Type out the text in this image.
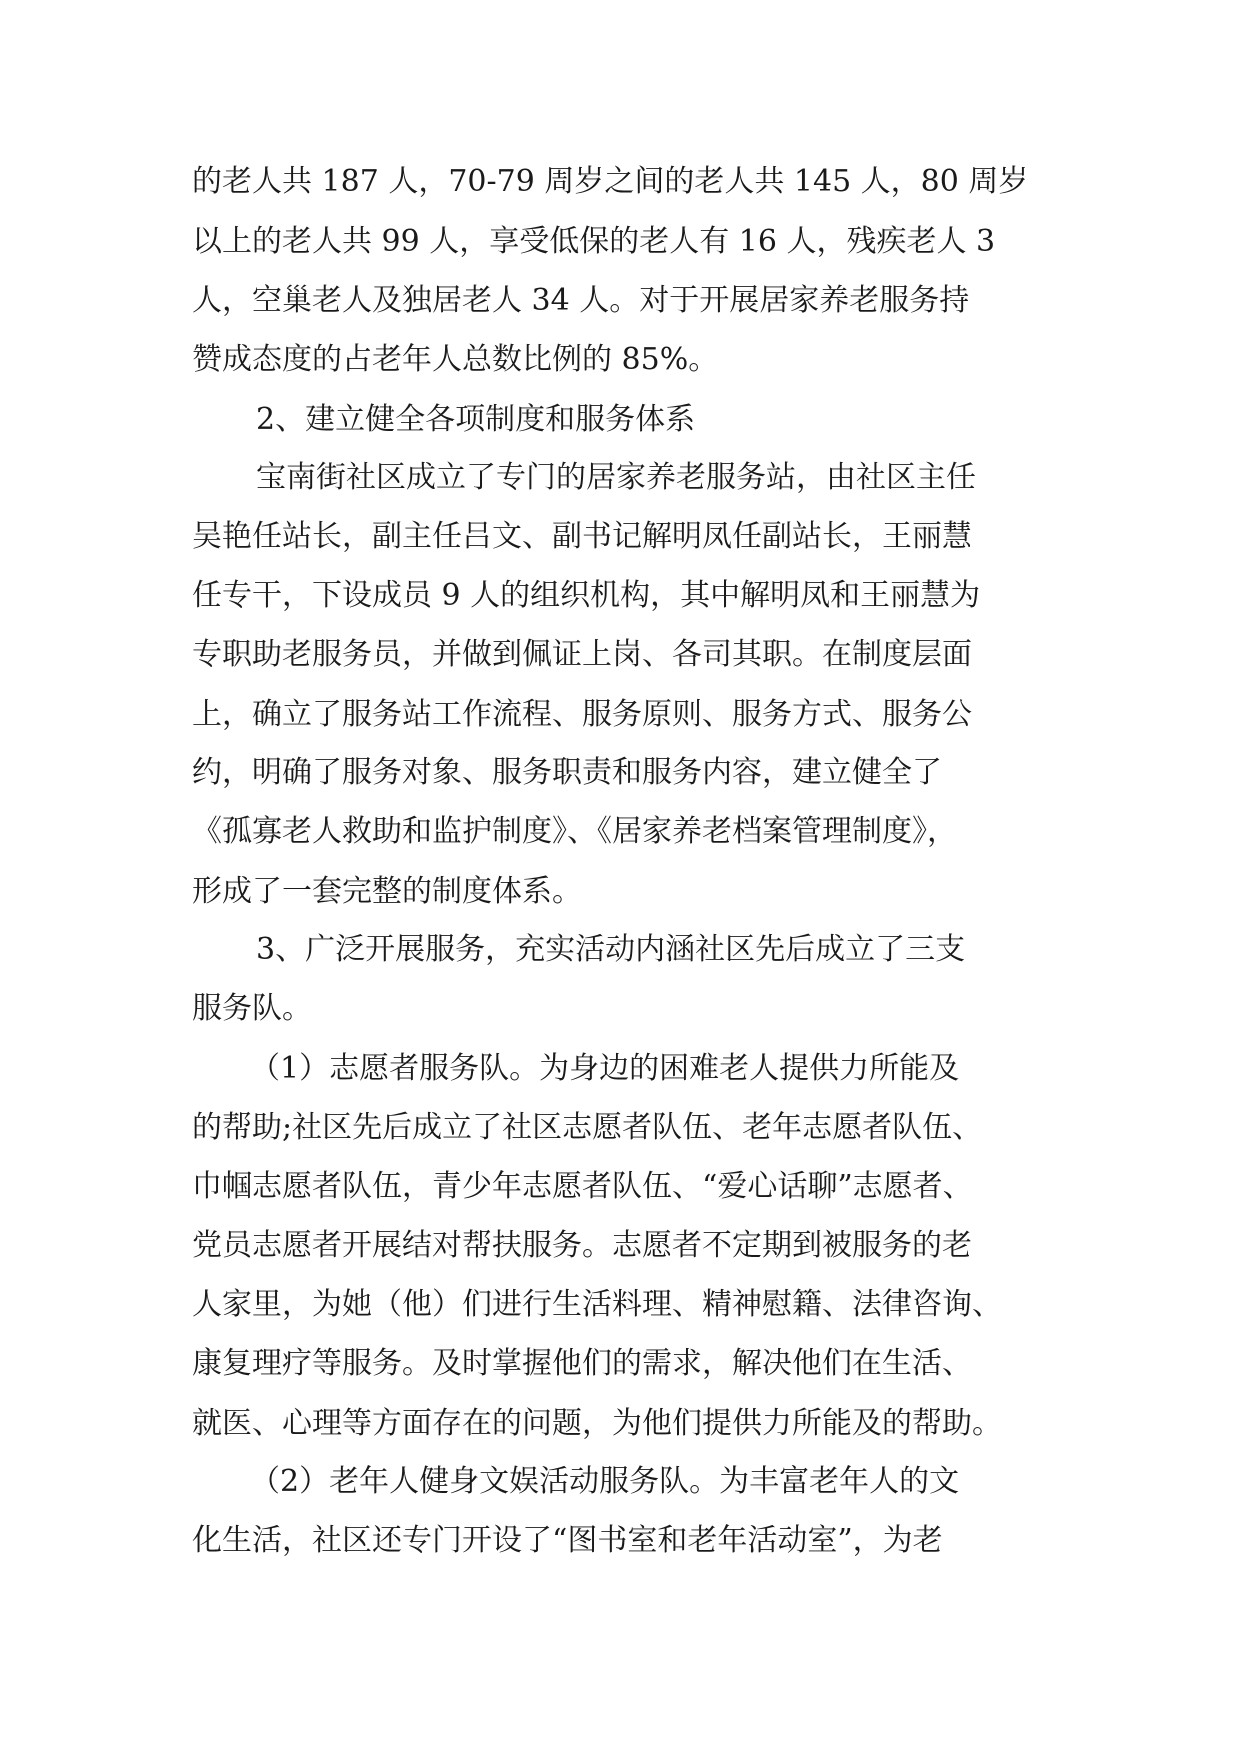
的老人共 187 人，70-79 周岁之间的老人共 145 人，80 周岁
以上的老人共 99 人，享受低保的老人有 16 人，残疾老人 3
人，空巢老人及独居老人 34 人。对于开展居家养老服务持
赞成态度的占老年人总数比例的 85%。
2、建立健全各项制度和服务体系
宝南街社区成立了专门的居家养老服务站，由社区主任
吴艳任站长，副主任吕文、副书记解明凤任副站长，王丽慧
任专干，下设成员 9 人的组织机构，其中解明凤和王丽慧为
专职助老服务员，并做到佩证上岗、各司其职。在制度层面
上，确立了服务站工作流程、服务原则、服务方式、服务公
约，明确了服务对象、服务职责和服务内容，建立健全了
《孤寡老人救助和监护制度》、《居家养老档案管理制度》，
形成了一套完整的制度体系。
3、广泛开展服务，充实活动内涵社区先后成立了三支
服务队。
（1）志愿者服务队。为身边的困难老人提供力所能及
的帮助;社区先后成立了社区志愿者队伍、老年志愿者队伍、
巾帼志愿者队伍，青少年志愿者队伍、“爱心话聊”志愿者、
党员志愿者开展结对帮扶服务。志愿者不定期到被服务的老
人家里，为她（他）们进行生活料理、精神慰籍、法律咨询、
康复理疗等服务。及时掌握他们的需求，解决他们在生活、
就医、心理等方面存在的问题，为他们提供力所能及的帮助。
（2）老年人健身文娱活动服务队。为丰富老年人的文
化生活，社区还专门开设了“图书室和老年活动室”，为老
